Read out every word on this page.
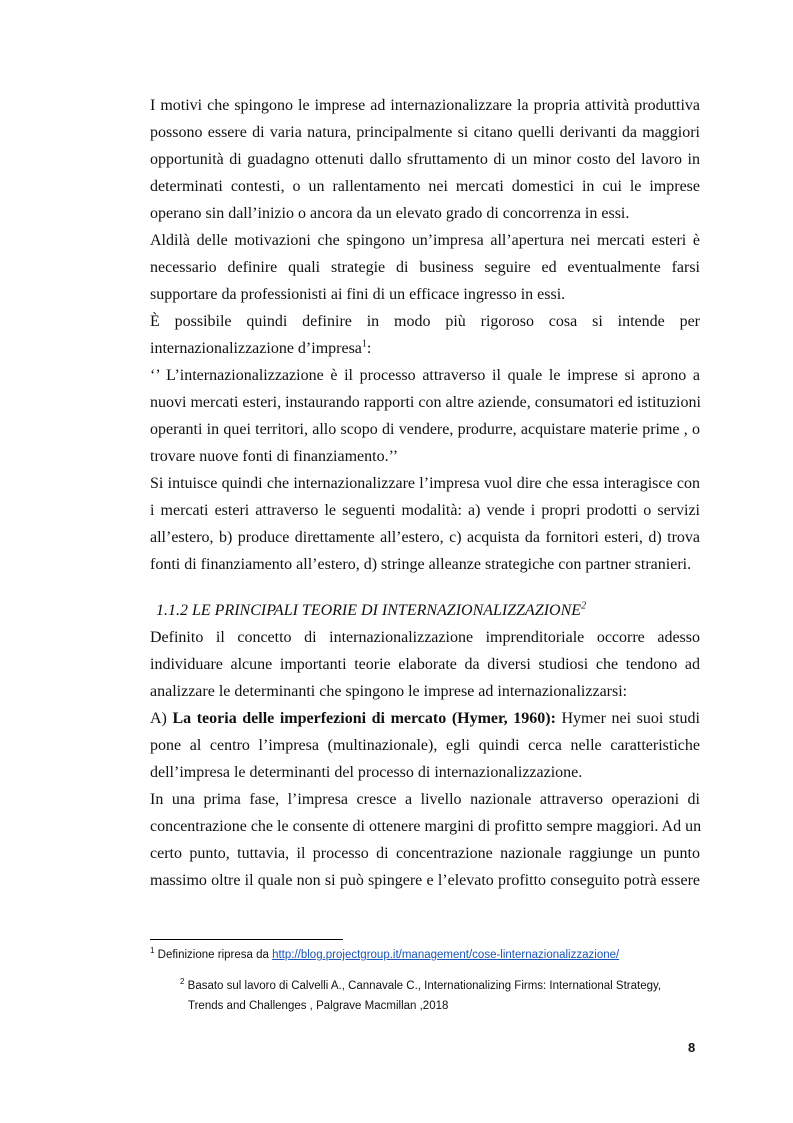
I motivi che spingono le imprese ad internazionalizzare la propria attività produttiva
possono essere di varia natura, principalmente si citano quelli derivanti da maggiori
opportunità di guadagno ottenuti dallo sfruttamento di un minor costo del lavoro in
determinati contesti, o un rallentamento nei mercati domestici in cui le imprese
operano sin dall’inizio o ancora da un elevato grado di concorrenza in essi.
Aldilà delle motivazioni che spingono un’impresa all’apertura nei mercati esteri è
necessario definire quali strategie di business seguire ed eventualmente farsi
supportare da professionisti ai fini di un efficace ingresso in essi.
È possibile quindi definire in modo più rigoroso cosa si intende per
internazionalizzazione d’impresa$^1$:
‘’ L’internazionalizzazione è il processo attraverso il quale le imprese si aprono a
nuovi mercati esteri, instaurando rapporti con altre aziende, consumatori ed istituzioni
operanti in quei territori, allo scopo di vendere, produrre, acquistare materie prime , o
trovare nuove fonti di finanziamento.’’
Si intuisce quindi che internazionalizzare l’impresa vuol dire che essa interagisce con
i mercati esteri attraverso le seguenti modalità: a) vende i propri prodotti o servizi
all’estero, b) produce direttamente all’estero, c) acquista da fornitori esteri, d) trova
fonti di finanziamento all’estero, d) stringe alleanze strategiche con partner stranieri.
1.1.2 LE PRINCIPALI TEORIE DI INTERNAZIONALIZZAZIONE$^2$
Definito il concetto di internazionalizzazione imprenditoriale occorre adesso
individuare alcune importanti teorie elaborate da diversi studiosi che tendono ad
analizzare le determinanti che spingono le imprese ad internazionalizzarsi:
A) La teoria delle imperfezioni di mercato (Hymer, 1960): Hymer nei suoi studi
pone al centro l’impresa (multinazionale), egli quindi cerca nelle caratteristiche
dell’impresa le determinanti del processo di internazionalizzazione.
In una prima fase, l’impresa cresce a livello nazionale attraverso operazioni di
concentrazione che le consente di ottenere margini di profitto sempre maggiori. Ad un
certo punto, tuttavia, il processo di concentrazione nazionale raggiunge un punto
massimo oltre il quale non si può spingere e l’elevato profitto conseguito potrà essere
$^1$ Definizione ripresa da http://blog.projectgroup.it/management/cose-linternazionalizzazione/
$^2$ Basato sul lavoro di Calvelli A., Cannavale C., Internationalizing Firms: International Strategy,
Trends and Challenges , Palgrave Macmillan ,2018
8
